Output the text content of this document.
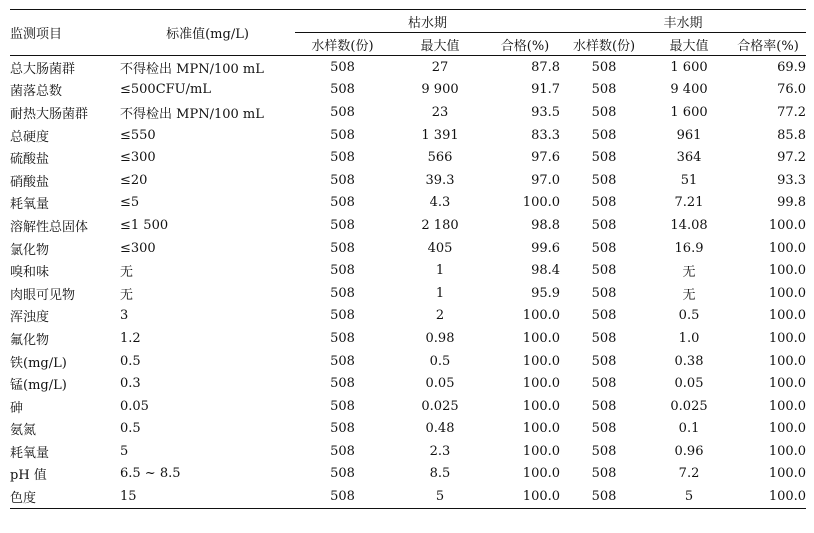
监测项目	标准值(mg/L)	枯水期			丰水期		
		水样数(份)	最大值	合格(%)	水样数(份)	最大值	合格率(%)
总大肠菌群	不得检出 MPN/100 mL	508	27	87.8	508	1 600	69.9
菌落总数	≤500CFU/mL	508	9 900	91.7	508	9 400	76.0
耐热大肠菌群	不得检出 MPN/100 mL	508	23	93.5	508	1 600	77.2
总硬度	≤550	508	1 391	83.3	508	961	85.8
硫酸盐	≤300	508	566	97.6	508	364	97.2
硝酸盐	≤20	508	39.3	97.0	508	51	93.3
耗氧量	≤5	508	4.3	100.0	508	7.21	99.8
溶解性总固体	≤1 500	508	2 180	98.8	508	14.08	100.0
氯化物	≤300	508	405	99.6	508	16.9	100.0
嗅和味	无	508	1	98.4	508	无	100.0
肉眼可见物	无	508	1	95.9	508	无	100.0
浑浊度	3	508	2	100.0	508	0.5	100.0
氟化物	1.2	508	0.98	100.0	508	1.0	100.0
铁(mg/L)	0.5	508	0.5	100.0	508	0.38	100.0
锰(mg/L)	0.3	508	0.05	100.0	508	0.05	100.0
砷	0.05	508	0.025	100.0	508	0.025	100.0
氨氮	0.5	508	0.48	100.0	508	0.1	100.0
耗氧量	5	508	2.3	100.0	508	0.96	100.0
pH 值	6.5 ~ 8.5	508	8.5	100.0	508	7.2	100.0
色度	15	508	5	100.0	508	5	100.0
